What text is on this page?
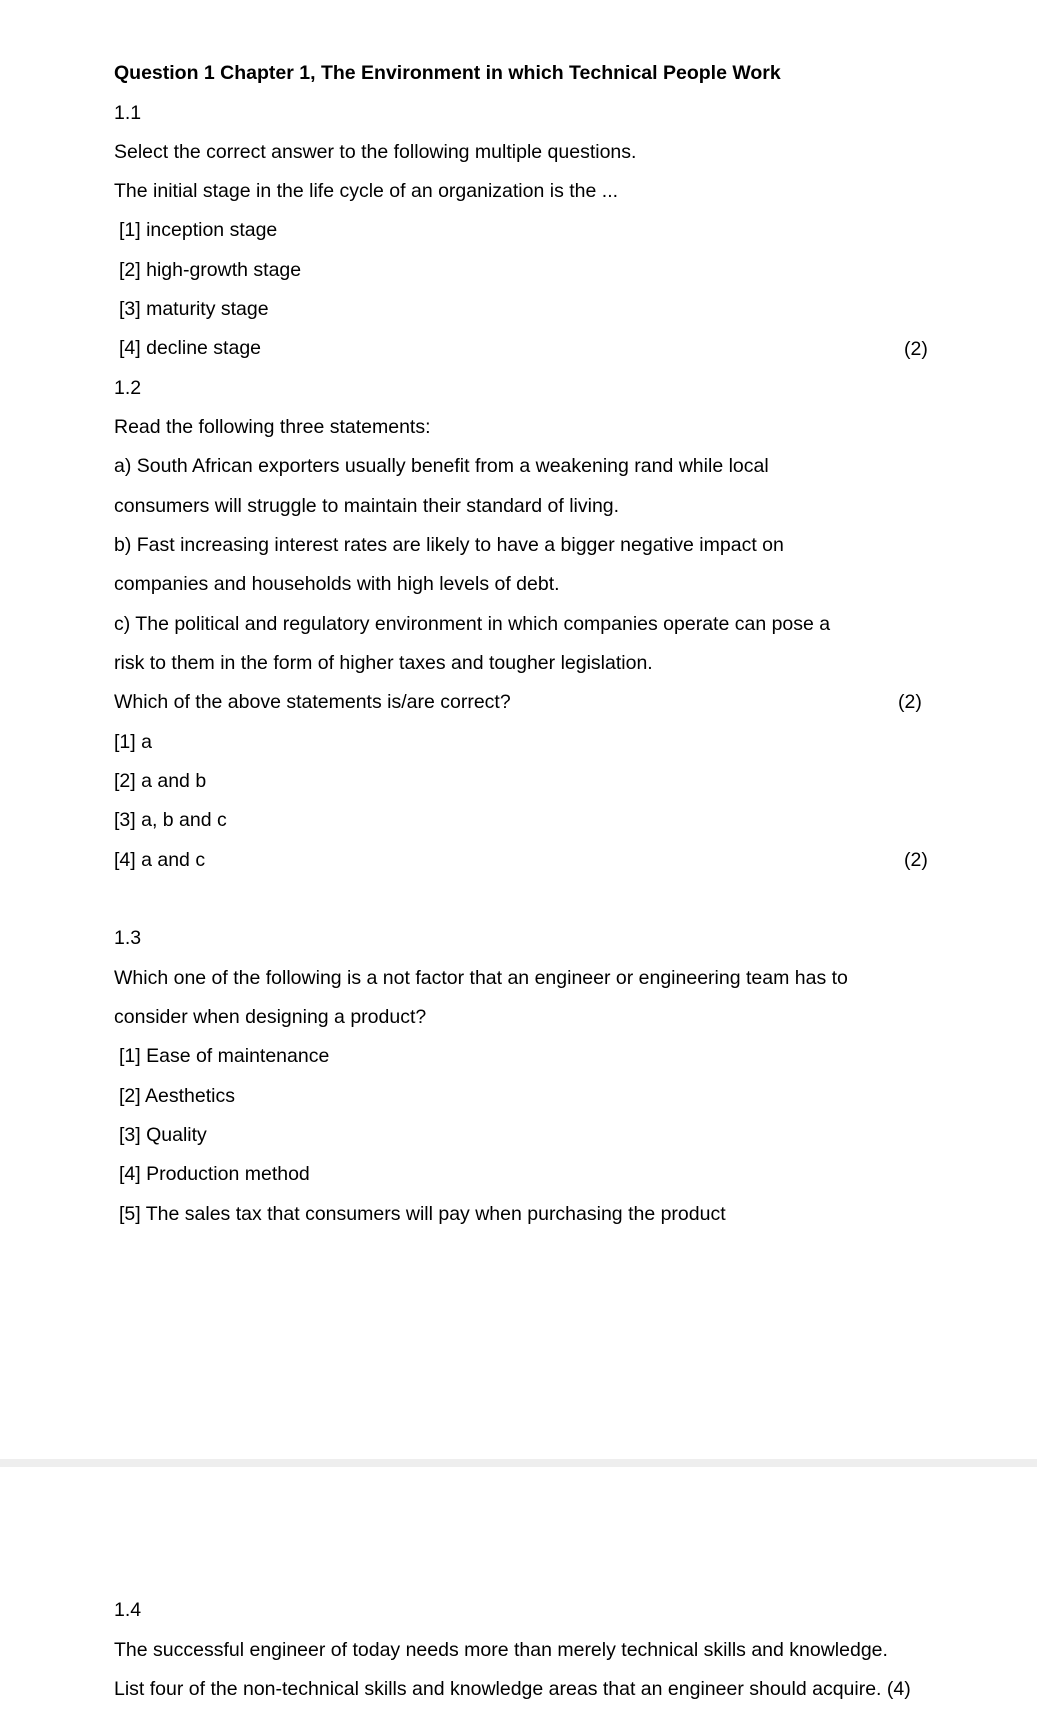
Question 1 Chapter 1, The Environment in which Technical People Work
1.1
Select the correct answer to the following multiple questions.
The initial stage in the life cycle of an organization is the ...
[1] inception stage
[2] high-growth stage
[3] maturity stage
[4] decline stage	(2)
1.2
Read the following three statements:
a) South African exporters usually benefit from a weakening rand while local
consumers will struggle to maintain their standard of living.
b) Fast increasing interest rates are likely to have a bigger negative impact on
companies and households with high levels of debt.
c) The political and regulatory environment in which companies operate can pose a
risk to them in the form of higher taxes and tougher legislation.
Which of the above statements is/are correct?	(2)
[1] a
[2] a and b
[3] a, b and c
[4] a and c	(2)
1.3
Which one of the following is a not factor that an engineer or engineering team has to
consider when designing a product?
[1] Ease of maintenance
[2] Aesthetics
[3] Quality
[4] Production method
[5] The sales tax that consumers will pay when purchasing the product
1.4
The successful engineer of today needs more than merely technical skills and knowledge.
List four of the non-technical skills and knowledge areas that an engineer should acquire. (4)
